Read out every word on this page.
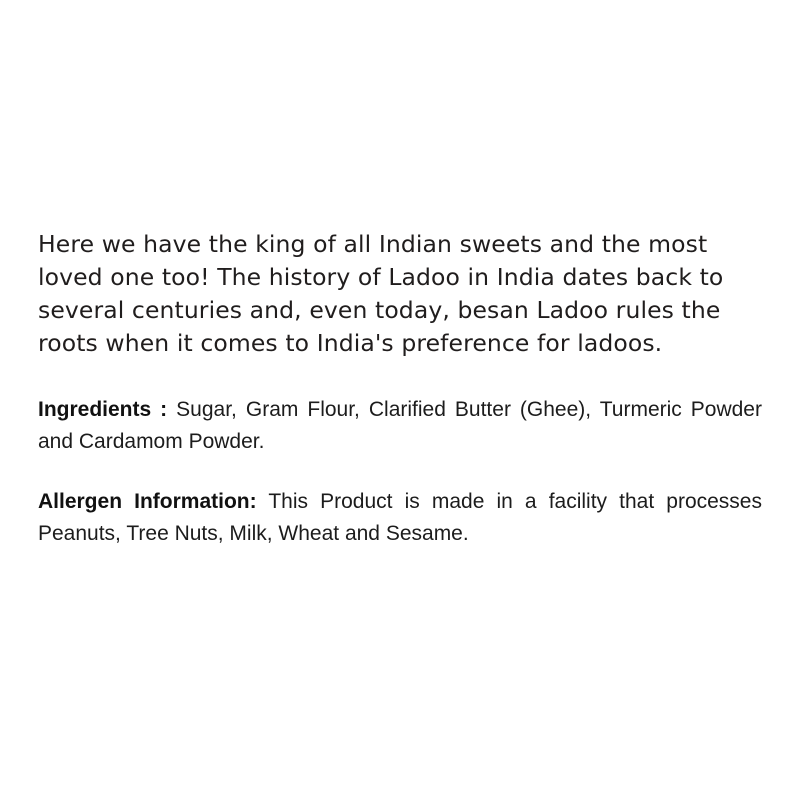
Here we have the king of all Indian sweets and the most loved one too! The history of Ladoo in India dates back to several centuries and, even today, besan Ladoo rules the roots when it comes to India's preference for ladoos.

Ingredients : Sugar, Gram Flour, Clarified Butter (Ghee), Turmeric Powder and Cardamom Powder.

Allergen Information: This Product is made in a facility that processes Peanuts, Tree Nuts, Milk, Wheat and Sesame.
